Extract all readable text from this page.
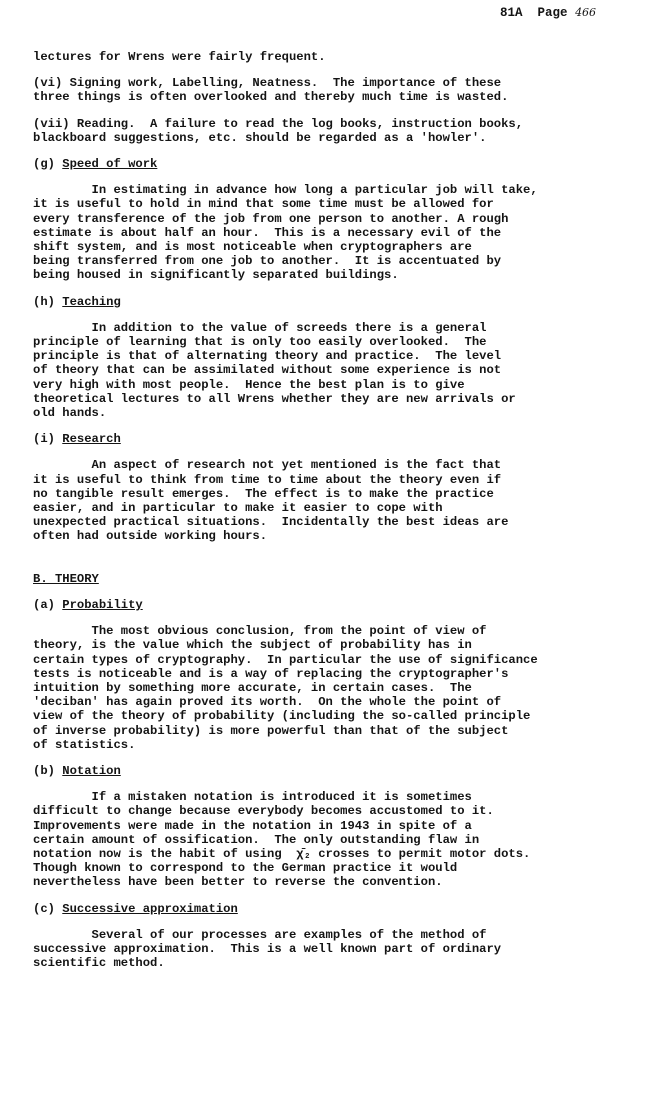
81A Page 466

lectures for Wrens were fairly frequent.

(vi) Signing work, Labelling, Neatness.  The importance of these
three things is often overlooked and thereby much time is wasted.

(vii) Reading.  A failure to read the log books, instruction books,
blackboard suggestions, etc. should be regarded as a 'howler'.

(g) Speed of work

In estimating in advance how long a particular job will take,
it is useful to hold in mind that some time must be allowed for
every transference of the job from one person to another. A rough
estimate is about half an hour.  This is a necessary evil of the
shift system, and is most noticeable when cryptographers are
being transferred from one job to another.  It is accentuated by
being housed in significantly separated buildings.

(h) Teaching

In addition to the value of screeds there is a general
principle of learning that is only too easily overlooked.  The
principle is that of alternating theory and practice.  The level
of theory that can be assimilated without some experience is not
very high with most people.  Hence the best plan is to give
theoretical lectures to all Wrens whether they are new arrivals or
old hands.

(i) Research

An aspect of research not yet mentioned is the fact that
it is useful to think from time to time about the theory even if
no tangible result emerges.  The effect is to make the practice
easier, and in particular to make it easier to cope with
unexpected practical situations.  Incidentally the best ideas are
often had outside working hours.

B. THEORY

(a) Probability

The most obvious conclusion, from the point of view of
theory, is the value which the subject of probability has in
certain types of cryptography.  In particular the use of significance
tests is noticeable and is a way of replacing the cryptographer's
intuition by something more accurate, in certain cases.  The
'deciban' has again proved its worth.  On the whole the point of
view of the theory of probability (including the so-called principle
of inverse probability) is more powerful than that of the subject
of statistics.

(b) Notation

If a mistaken notation is introduced it is sometimes
difficult to change because everybody becomes accustomed to it.
Improvements were made in the notation in 1943 in spite of a
certain amount of ossification.  The only outstanding flaw in
notation now is the habit of using  χ̄₂ crosses to permit motor dots.
Though known to correspond to the German practice it would
nevertheless have been better to reverse the convention.

(c) Successive approximation

Several of our processes are examples of the method of
successive approximation.  This is a well known part of ordinary
scientific method.
